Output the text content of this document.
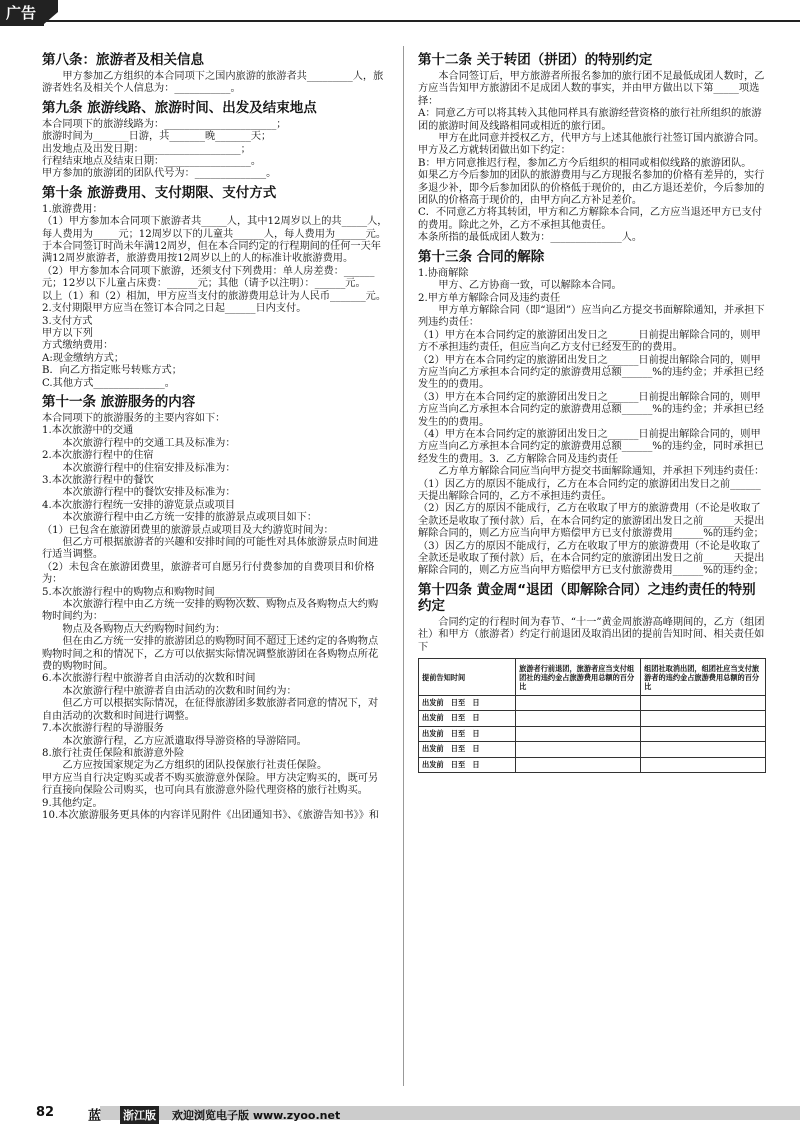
广告
第八条：旅游者及相关信息

　　甲方参加乙方组织的本合同项下之国内旅游的旅游者共_________人，旅游者姓名及相关个人信息为：___________。

第九条 旅游线路、旅游时间、出发及结束地点

本合同项下的旅游线路为：______________________；

旅游时间为_______日游，共_______晚_______天；

出发地点及出发日期：___________________；

行程结束地点及结束日期：_________________。

甲方参加的旅游团的团队代号为：______________。

第十条 旅游费用、支付期限、支付方式

1.旅游费用：

（1）甲方参加本合同项下旅游者共_____人，其中12周岁以上的共_____人，每人费用为_____元；12周岁以下的儿童共______人，每人费用为______元。于本合同签订时尚未年满12周岁，但在本合同约定的行程期间的任何一天年满12周岁旅游者，旅游费用按12周岁以上的人的标准计收旅游费用。

（2）甲方参加本合同项下旅游，还须支付下列费用：单人房差费：______元；12岁以下儿童占床费：______元；其他（请予以注明）：______元。

以上（1）和（2）相加，甲方应当支付的旅游费用总计为人民币_______元。

2.支付期限甲方应当在签订本合同之日起______日内支付。

3.支付方式

甲方以下列

方式缴纳费用：

A:现金缴纳方式；

B．向乙方指定账号转账方式；

C.其他方式______________。

第十一条 旅游服务的内容

本合同项下的旅游服务的主要内容如下：

1.本次旅游中的交通

　　本次旅游行程中的交通工具及标准为：

2.本次旅游行程中的住宿

　　本次旅游行程中的住宿安排及标准为：

3.本次旅游行程中的餐饮

　　本次旅游行程中的餐饮安排及标准为：

4.本次旅游行程统一安排的游览景点或项目

　　本次旅游行程中由乙方统一安排的旅游景点或项目如下：

（1）已包含在旅游团费里的旅游景点或项目及大约游览时间为：

　　但乙方可根据旅游者的兴趣和安排时间的可能性对具体旅游景点时间进行适当调整。

（2）未包含在旅游团费里，旅游者可自愿另行付费参加的自费项目和价格为：

5.本次旅游行程中的购物点和购物时间_____________

　　本次旅游行程中由乙方统一安排的购物次数、购物点及各购物点大约购物时间约为：______________

　　物点及各购物点大约购物时间约为：______________

　　但在由乙方统一安排的旅游团总的购物时间不超过上述约定的各购物点购物时间之和的情况下，乙方可以依据实际情况调整旅游团在各购物点所花费的购物时间。

6.本次旅游行程中旅游者自由活动的次数和时间

　　本次旅游行程中旅游者自由活动的次数和时间约为：

　　但乙方可以根据实际情况，在征得旅游团多数旅游者同意的情况下，对自由活动的次数和时间进行调整。

7.本次旅游行程的导游服务

　　本次旅游行程，乙方应派遣取得导游资格的导游陪同。

8.旅行社责任保险和旅游意外险

　　乙方应按国家规定为乙方组织的团队投保旅行社责任保险。

甲方应当自行决定购买或者不购买旅游意外保险。甲方决定购买的，既可另行直接向保险公司购买，也可向具有旅游意外险代理资格的旅行社购买。

9.其他约定。

10.本次旅游服务更具体的内容详见附件《出团通知书》、《旅游告知书》》和

第十二条 关于转团（拼团）的特别约定

　　本合同签订后，甲方旅游者所报名参加的旅行团不足最低成团人数时，乙方应当告知甲方旅游团不足成团人数的事实，并由甲方做出以下第_____项选择：

A：同意乙方可以将其转入其他同样具有旅游经营资格的旅行社所组织的旅游团的旅游时间及线路相同或相近的旅行团。

　　甲方在此同意并授权乙方，代甲方与上述其他旅行社签订国内旅游合同。

甲方及乙方就转团做出如下约定：

B：甲方同意推迟行程，参加乙方今后组织的相同或相似线路的旅游团队。

如果乙方今后参加的团队的旅游费用与乙方现报名参加的价格有差异的，实行多退少补，即今后参加团队的价格低于现价的，由乙方退还差价，今后参加的团队的价格高于现价的，由甲方向乙方补足差价。

C．不同意乙方将其转团，甲方和乙方解除本合同，乙方应当退还甲方已支付的费用。除此之外，乙方不承担其他责任。

本条所指的最低成团人数为：______________人。

第十三条 合同的解除

1.协商解除

　　甲方、乙方协商一致，可以解除本合同。

2.甲方单方解除合同及违约责任

　　甲方单方解除合同（即“退团”）应当向乙方提交书面解除通知，并承担下列违约责任：

（1）甲方在本合同约定的旅游团出发日之______日前提出解除合同的，则甲方不承担违约责任，但应当向乙方支付已经发生的的费用。

（2）甲方在本合同约定的旅游团出发日之______日前提出解除合同的，则甲方应当向乙方承担本合同约定的旅游费用总额______%的违约金；并承担已经发生的的费用。

（3）甲方在本合同约定的旅游团出发日之______日前提出解除合同的，则甲方应当向乙方承担本合同约定的旅游费用总额______%的违约金；并承担已经发生的的费用。

（4）甲方在本合同约定的旅游团出发日之______日前提出解除合同的，则甲方应当向乙方承担本合同约定的旅游费用总额______%的违约金，同时承担已经发生的费用。3．乙方解除合同及违约责任

　　乙方单方解除合同应当向甲方提交书面解除通知，并承担下列违约责任：

（1）因乙方的原因不能成行，乙方在本合同约定的旅游团出发日之前______天提出解除合同的，乙方不承担违约责任。

（2）因乙方的原因不能成行，乙方在收取了甲方的旅游费用（不论是收取了全款还是收取了预付款）后，在本合同约定的旅游团出发日之前______天提出解除合同的，则乙方应当向甲方赔偿甲方已支付旅游费用______%的违约金；

（3）因乙方的原因不能成行，乙方在收取了甲方的旅游费用（不论是收取了全款还是收取了预付款）后，在本合同约定的旅游团出发日之前______天提出解除合同的，则乙方应当向甲方赔偿甲方已支付旅游费用______%的违约金；

第十四条 黄金周“退团（即解除合同）之违约责任的特别约定

　　合同约定的行程时间为春节、“十一”黄金周旅游高峰期间的，乙方（组团社）和甲方（旅游者）约定行前退团及取消出团的提前告知时间、相关责任如下

提前告知时间	旅游者行前退团，旅游者应当支付组团社的违约金占旅游费用总额的百分比	组团社取消出团，组团社应当支付旅游者的违约金占旅游费用总额的百分比
出发前　日至　日		
出发前　日至　日		
出发前　日至　日		
出发前　日至　日		
出发前　日至　日		
82	蓝 浙江版 欢迎浏览电子版 www.zyoo.net
